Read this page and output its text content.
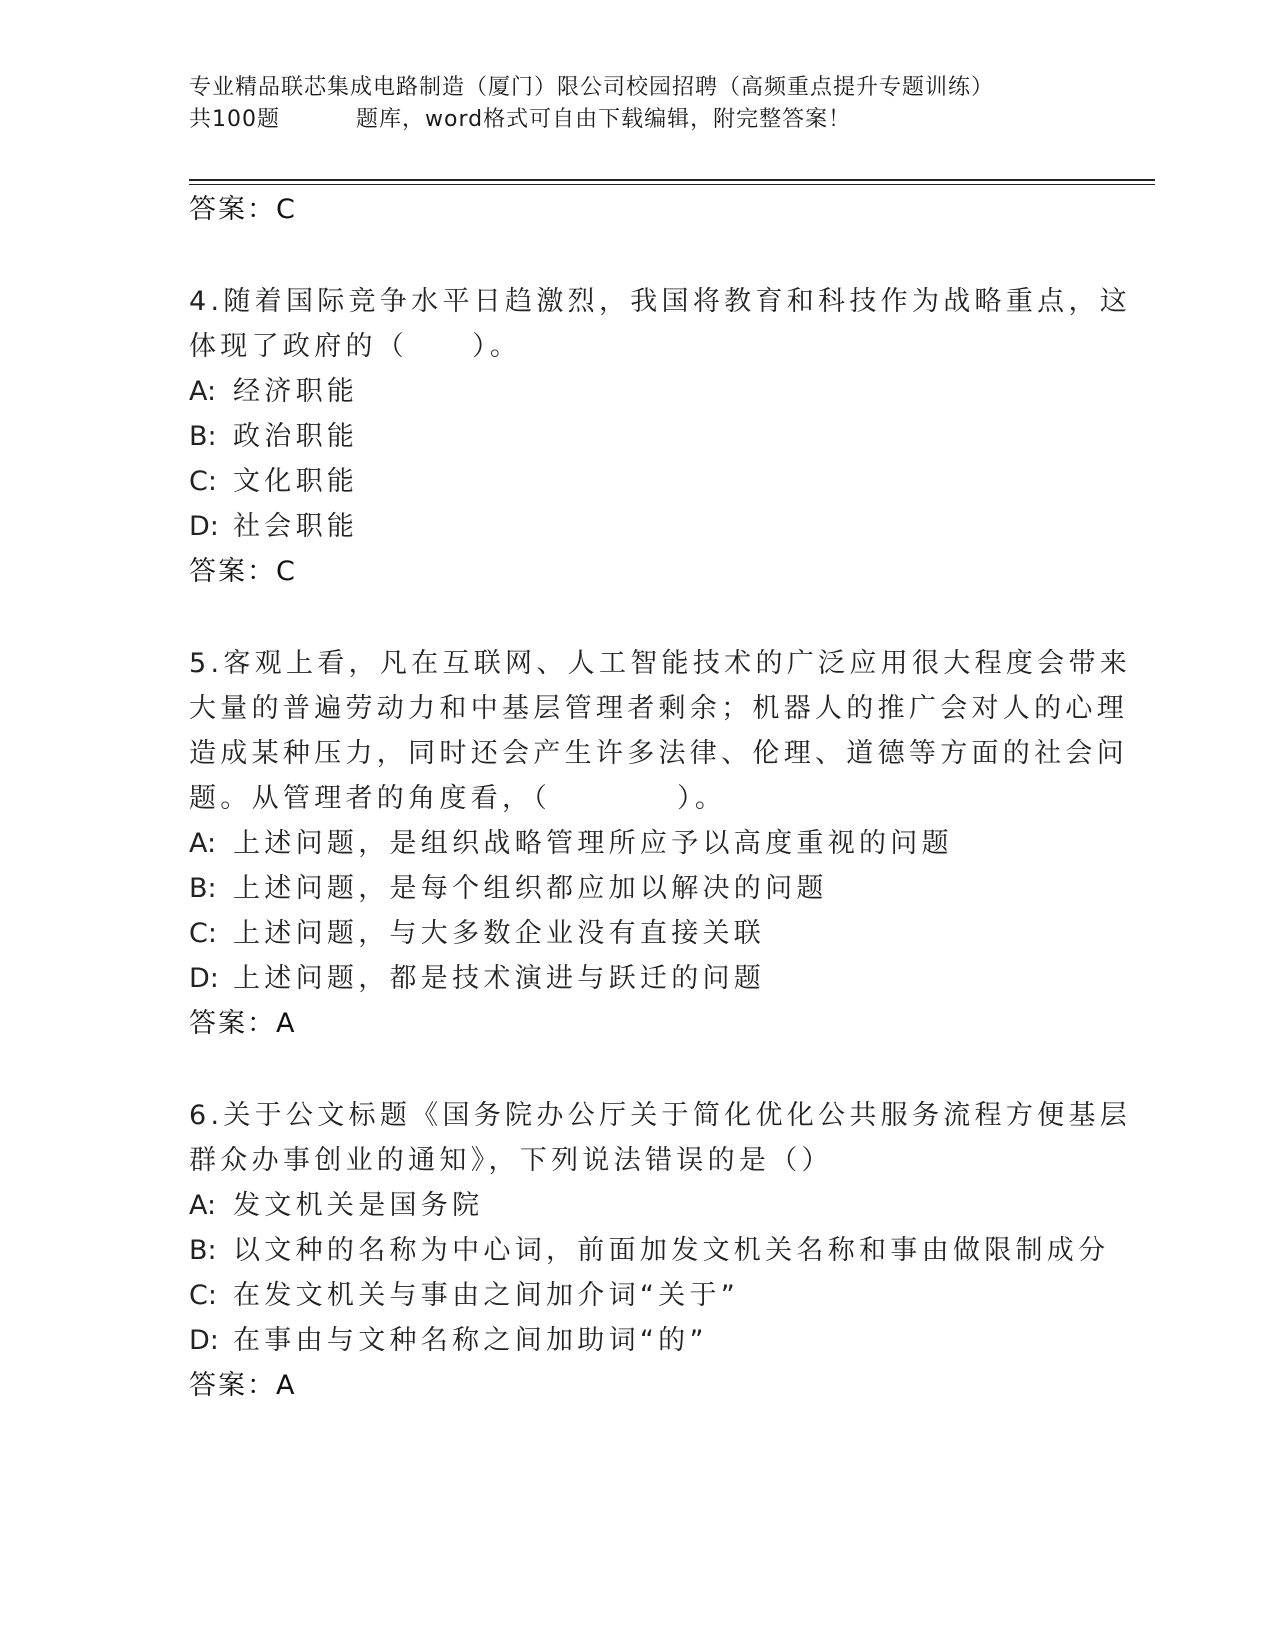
专业精品联芯集成电路制造（厦门）限公司校园招聘（高频重点提升专题训练）
共100题	题库，word格式可自由下载编辑，附完整答案！
答案：C
4.随着国际竞争水平日趋激烈，我国将教育和科技作为战略重点，这
体现了政府的（ ）。
A: 经济职能
B: 政治职能
C: 文化职能
D: 社会职能
答案：C
5.客观上看，凡在互联网、人工智能技术的广泛应用很大程度会带来
大量的普遍劳动力和中基层管理者剩余；机器人的推广会对人的心理
造成某种压力，同时还会产生许多法律、伦理、道德等方面的社会问
题。从管理者的角度看，（	）。
A: 上述问题，是组织战略管理所应予以高度重视的问题
B: 上述问题，是每个组织都应加以解决的问题
C: 上述问题，与大多数企业没有直接关联
D: 上述问题，都是技术演进与跃迁的问题
答案：A
6.关于公文标题《国务院办公厅关于简化优化公共服务流程方便基层
群众办事创业的通知》，下列说法错误的是（）
A: 发文机关是国务院
B: 以文种的名称为中心词，前面加发文机关名称和事由做限制成分
C: 在发文机关与事由之间加介词“关于”
D: 在事由与文种名称之间加助词“的”
答案：A
